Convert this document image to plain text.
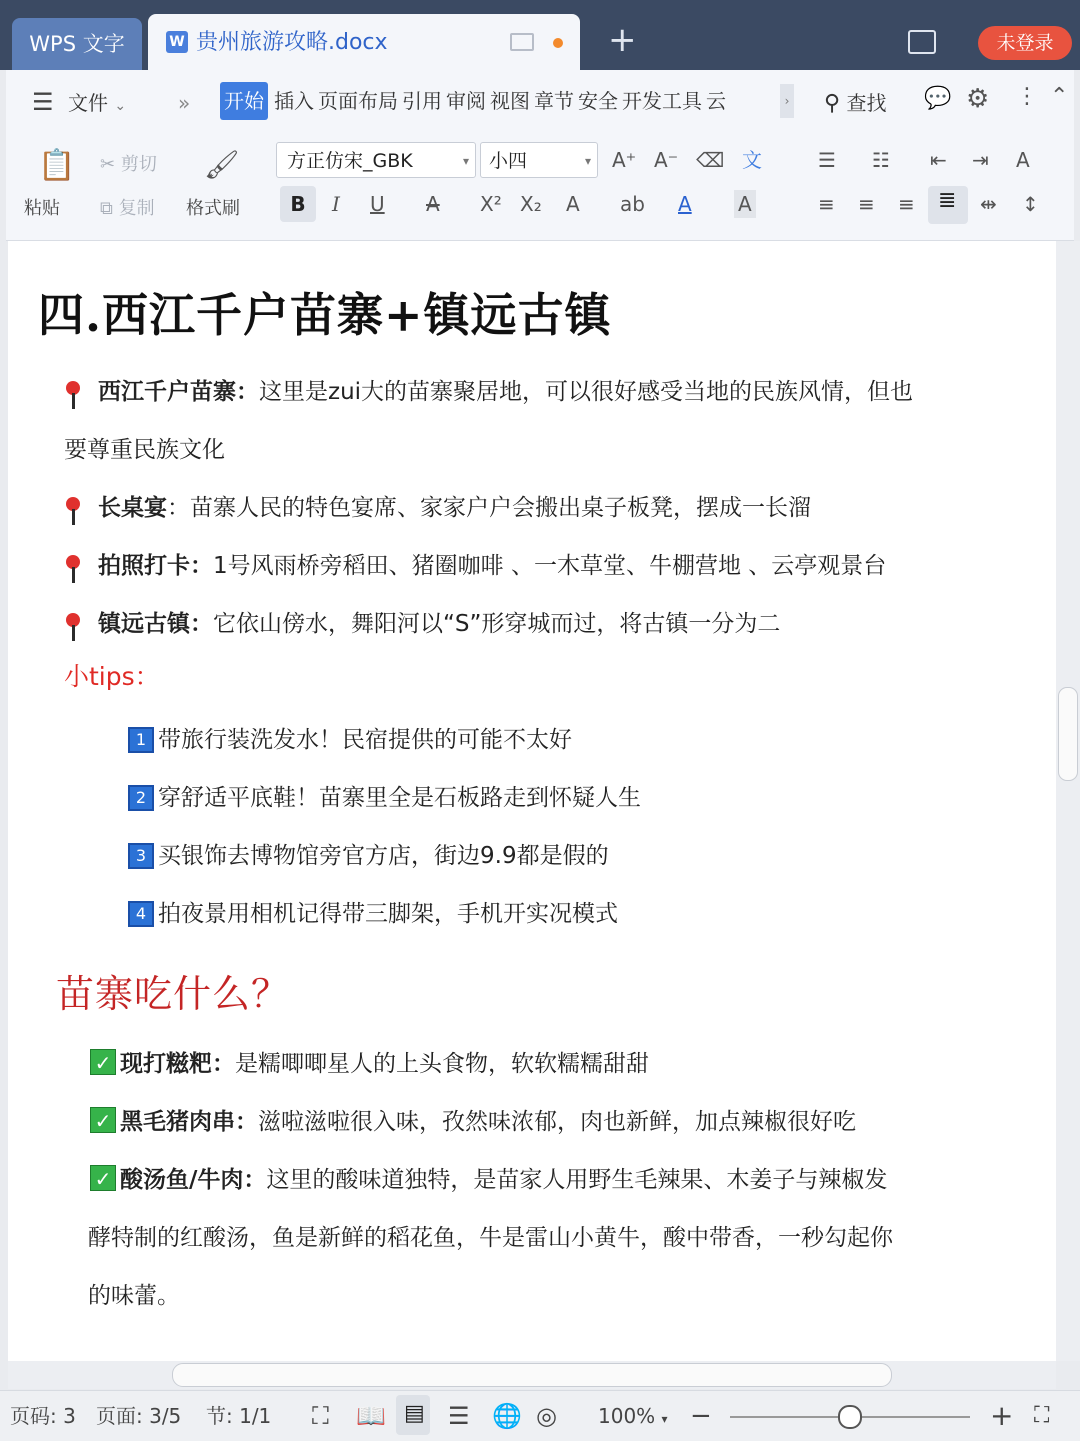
WPS 文字	W 贵州旅游攻略.docx	+	未登录
☰ 文件 ⌄	» 开始 插入 页面布局 引用 审阅 视图 章节 安全 开发工具 云	› ⚲ 查找 💬 ⚙ ⋮ ⌃
📋
粘贴
✂ 剪切
⧉ 复制
🖌
格式刷
方正仿宋_GBK	▾	小四	▾ A⁺ A⁻ ⌫ 文
B	I U A X² X₂ A ab A A
☰ ☷ ⇤ ⇥ A
≡ ≡ ≡ ≣ ⇹ ↕
四.西江千户苗寨+镇远古镇
西江千户苗寨：这里是zui大的苗寨聚居地，可以很好感受当地的民族风情，但也
要尊重民族文化
长桌宴：苗寨人民的特色宴席、家家户户会搬出桌子板凳，摆成一长溜
拍照打卡：1号风雨桥旁稻田、猪圈咖啡 、一木草堂、牛棚营地 、云亭观景台
镇远古镇：它依山傍水，舞阳河以“S”形穿城而过，将古镇一分为二
小tips：
1 带旅行装洗发水！民宿提供的可能不太好
2 穿舒适平底鞋！苗寨里全是石板路走到怀疑人生
3 买银饰去博物馆旁官方店，街边9.9都是假的
4 拍夜景用相机记得带三脚架，手机开实况模式
苗寨吃什么？
✓ 现打糍粑：是糯唧唧星人的上头食物，软软糯糯甜甜
✓ 黑毛猪肉串：滋啦滋啦很入味，孜然味浓郁，肉也新鲜，加点辣椒很好吃
✓ 酸汤鱼/牛肉：这里的酸味道独特，是苗家人用野生毛辣果、木姜子与辣椒发
酵特制的红酸汤，鱼是新鲜的稻花鱼，牛是雷山小黄牛，酸中带香，一秒勾起你
的味蕾。
页码: 3 页面: 3/5 节: 1/1 ⛶ 📖 ▤ ☰ 🌐 ◎ 100% ▾ −	+ ⛶
